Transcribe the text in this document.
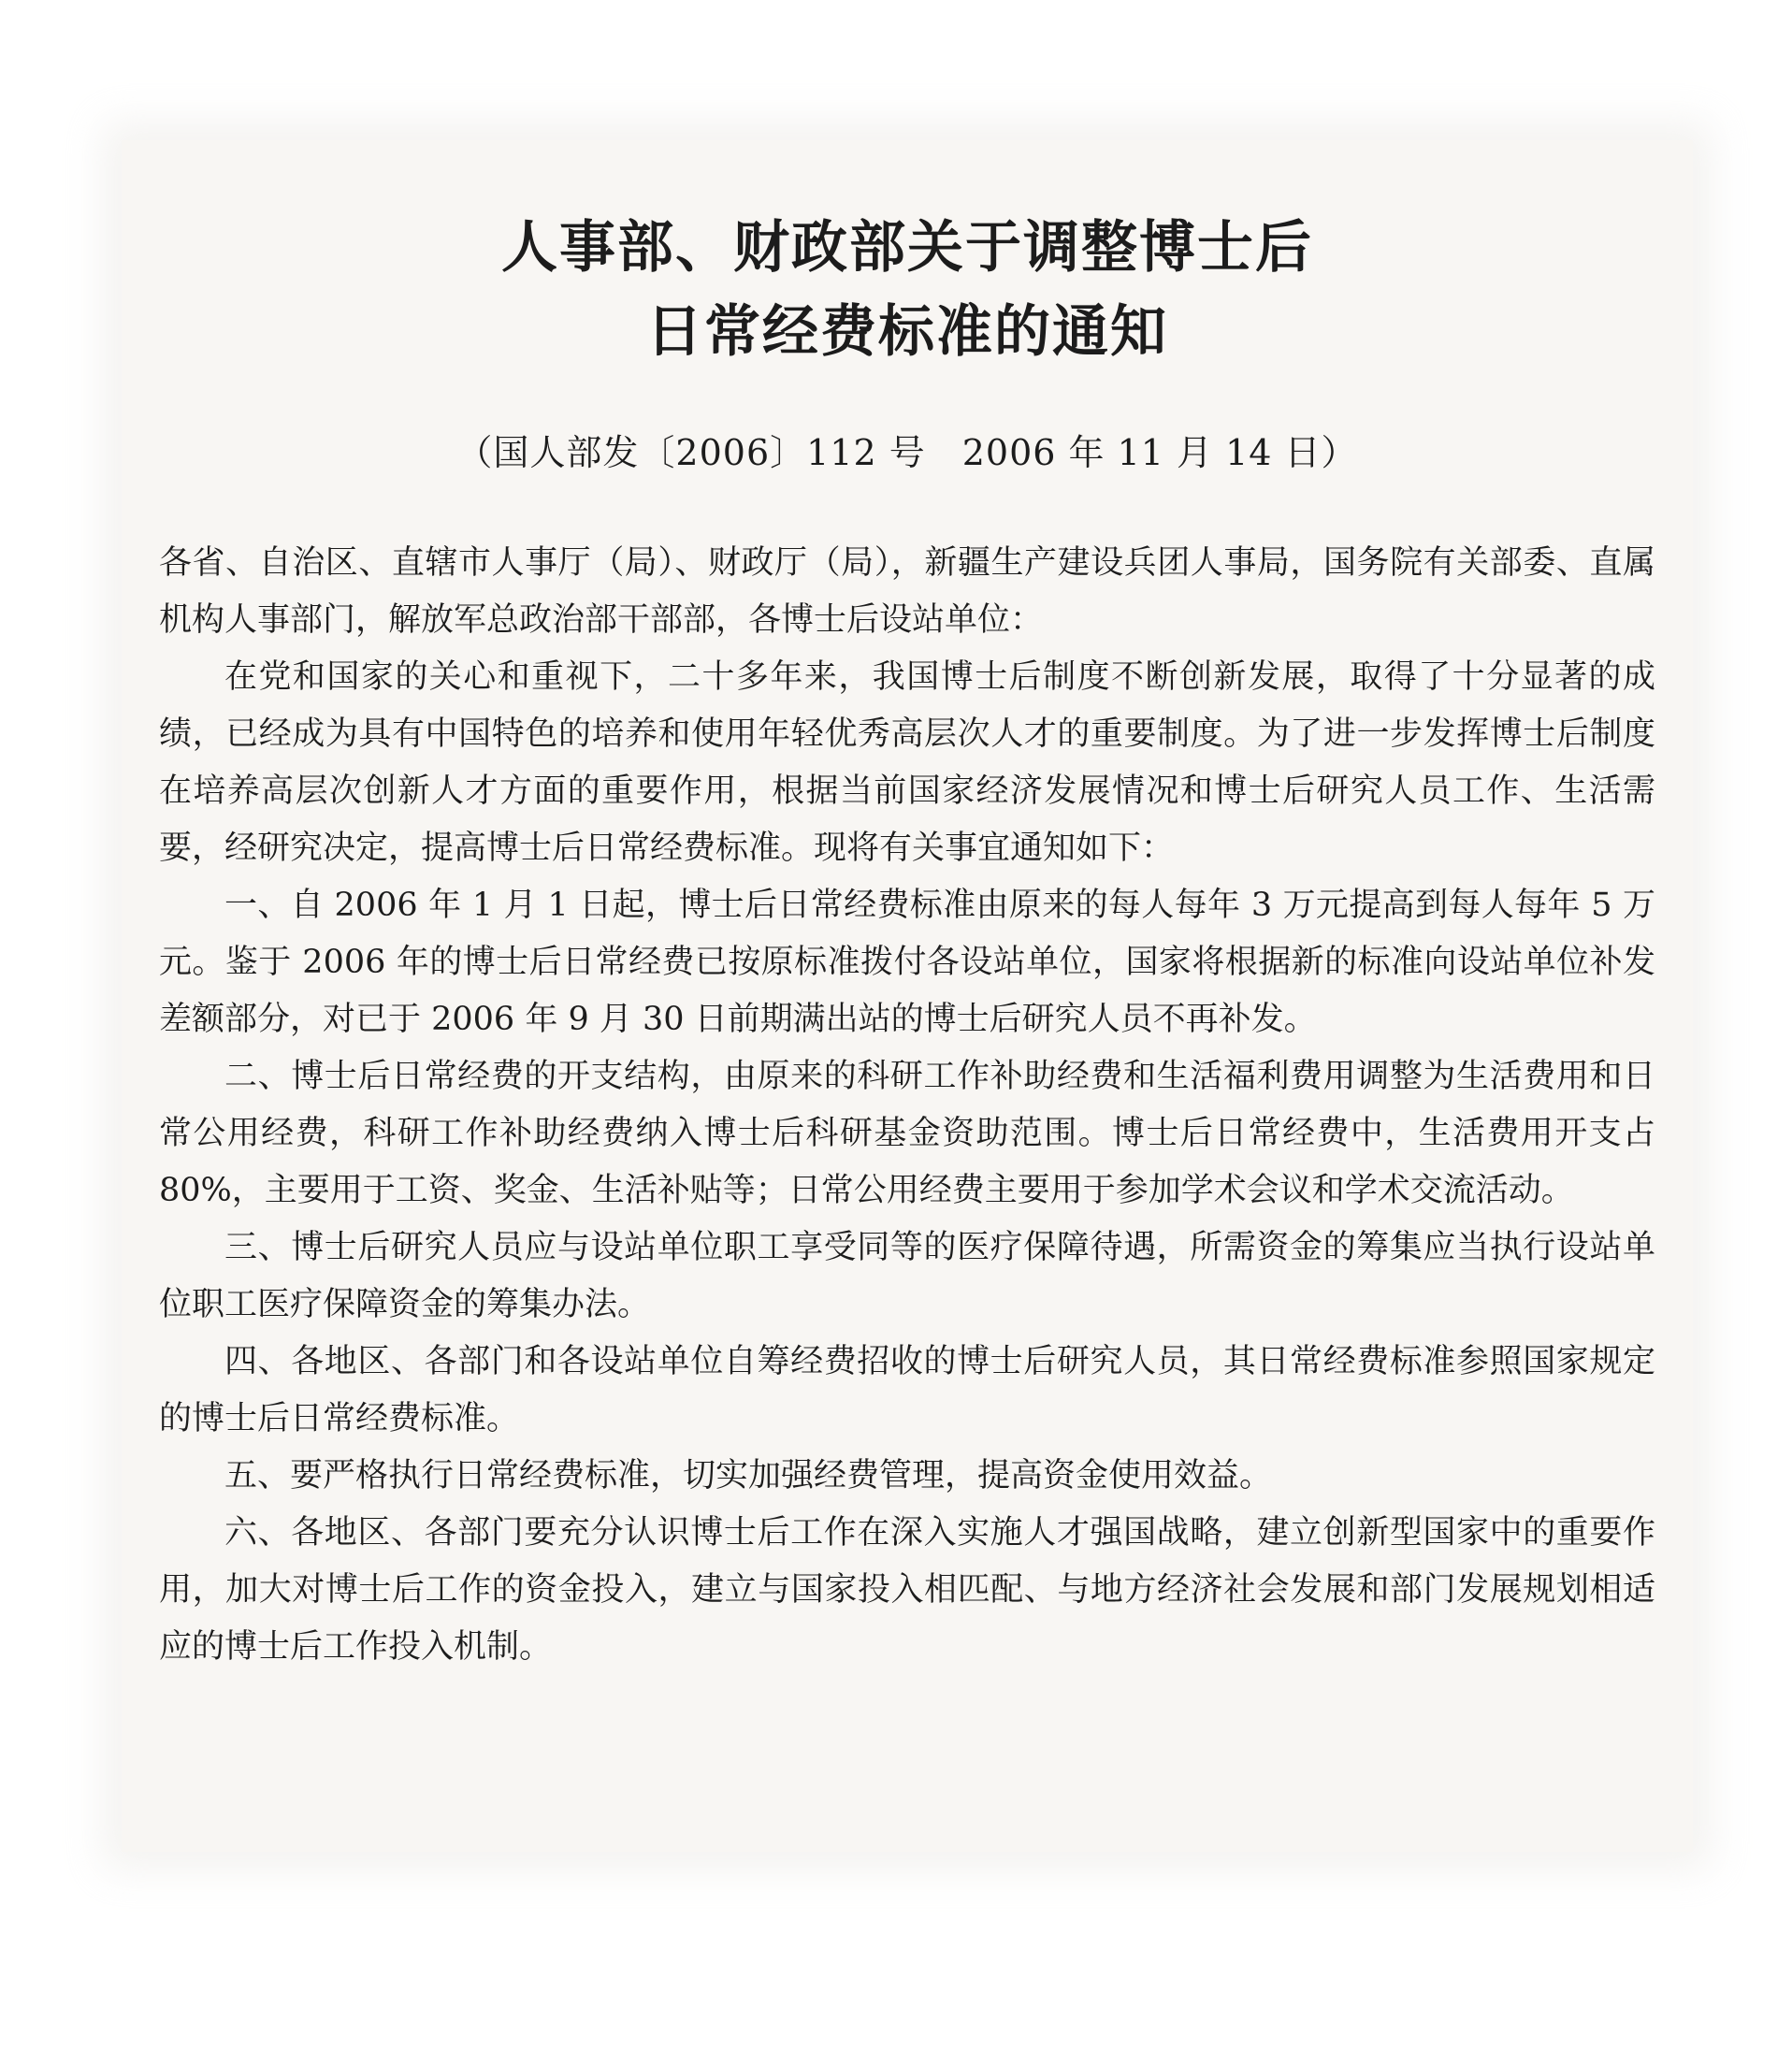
人事部、财政部关于调整博士后
日常经费标准的通知
（国人部发〔2006〕112 号　2006 年 11 月 14 日）

各省、自治区、直辖市人事厅（局）、财政厅（局），新疆生产建设兵团人事局，国务院有关部委、直属机构人事部门，解放军总政治部干部部，各博士后设站单位：

在党和国家的关心和重视下，二十多年来，我国博士后制度不断创新发展，取得了十分显著的成绩，已经成为具有中国特色的培养和使用年轻优秀高层次人才的重要制度。为了进一步发挥博士后制度在培养高层次创新人才方面的重要作用，根据当前国家经济发展情况和博士后研究人员工作、生活需要，经研究决定，提高博士后日常经费标准。现将有关事宜通知如下：

一、自 2006 年 1 月 1 日起，博士后日常经费标准由原来的每人每年 3 万元提高到每人每年 5 万元。鉴于 2006 年的博士后日常经费已按原标准拨付各设站单位，国家将根据新的标准向设站单位补发差额部分，对已于 2006 年 9 月 30 日前期满出站的博士后研究人员不再补发。

二、博士后日常经费的开支结构，由原来的科研工作补助经费和生活福利费用调整为生活费用和日常公用经费，科研工作补助经费纳入博士后科研基金资助范围。博士后日常经费中，生活费用开支占 80%，主要用于工资、奖金、生活补贴等；日常公用经费主要用于参加学术会议和学术交流活动。

三、博士后研究人员应与设站单位职工享受同等的医疗保障待遇，所需资金的筹集应当执行设站单位职工医疗保障资金的筹集办法。

四、各地区、各部门和各设站单位自筹经费招收的博士后研究人员，其日常经费标准参照国家规定的博士后日常经费标准。

五、要严格执行日常经费标准，切实加强经费管理，提高资金使用效益。

六、各地区、各部门要充分认识博士后工作在深入实施人才强国战略，建立创新型国家中的重要作用，加大对博士后工作的资金投入，建立与国家投入相匹配、与地方经济社会发展和部门发展规划相适应的博士后工作投入机制。
